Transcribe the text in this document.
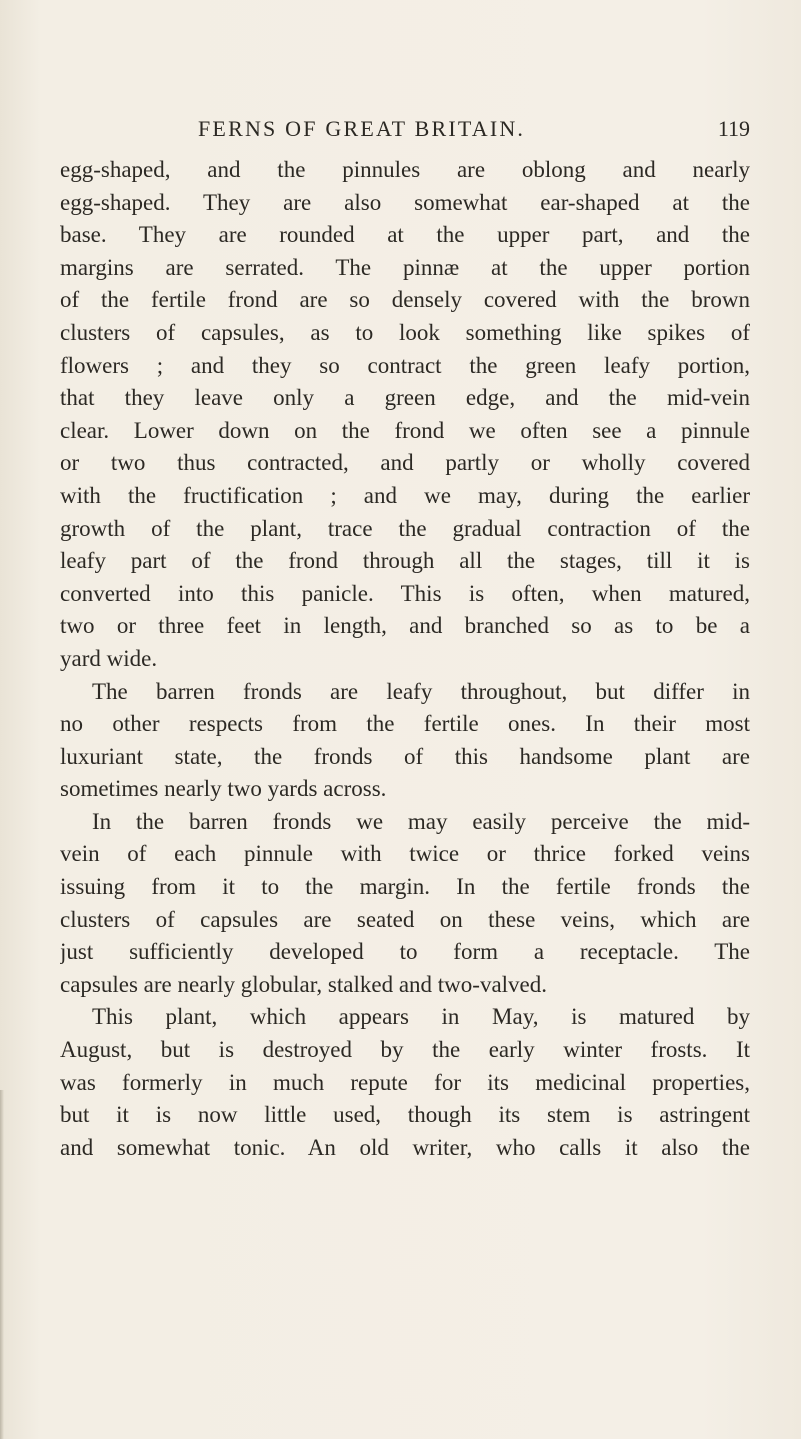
FERNS OF GREAT BRITAIN.	119
egg-shaped, and the pinnules are oblong and nearly
egg-shaped. They are also somewhat ear-shaped at the
base. They are rounded at the upper part, and the
margins are serrated. The pinnæ at the upper portion
of the fertile frond are so densely covered with the brown
clusters of capsules, as to look something like spikes of
flowers ; and they so contract the green leafy portion,
that they leave only a green edge, and the mid-vein
clear. Lower down on the frond we often see a pinnule
or two thus contracted, and partly or wholly covered
with the fructification ; and we may, during the earlier
growth of the plant, trace the gradual contraction of the
leafy part of the frond through all the stages, till it is
converted into this panicle. This is often, when matured,
two or three feet in length, and branched so as to be a
yard wide.
The barren fronds are leafy throughout, but differ in
no other respects from the fertile ones. In their most
luxuriant state, the fronds of this handsome plant are
sometimes nearly two yards across.
In the barren fronds we may easily perceive the mid-
vein of each pinnule with twice or thrice forked veins
issuing from it to the margin. In the fertile fronds the
clusters of capsules are seated on these veins, which are
just sufficiently developed to form a receptacle. The
capsules are nearly globular, stalked and two-valved.
This plant, which appears in May, is matured by
August, but is destroyed by the early winter frosts. It
was formerly in much repute for its medicinal properties,
but it is now little used, though its stem is astringent
and somewhat tonic. An old writer, who calls it also the
